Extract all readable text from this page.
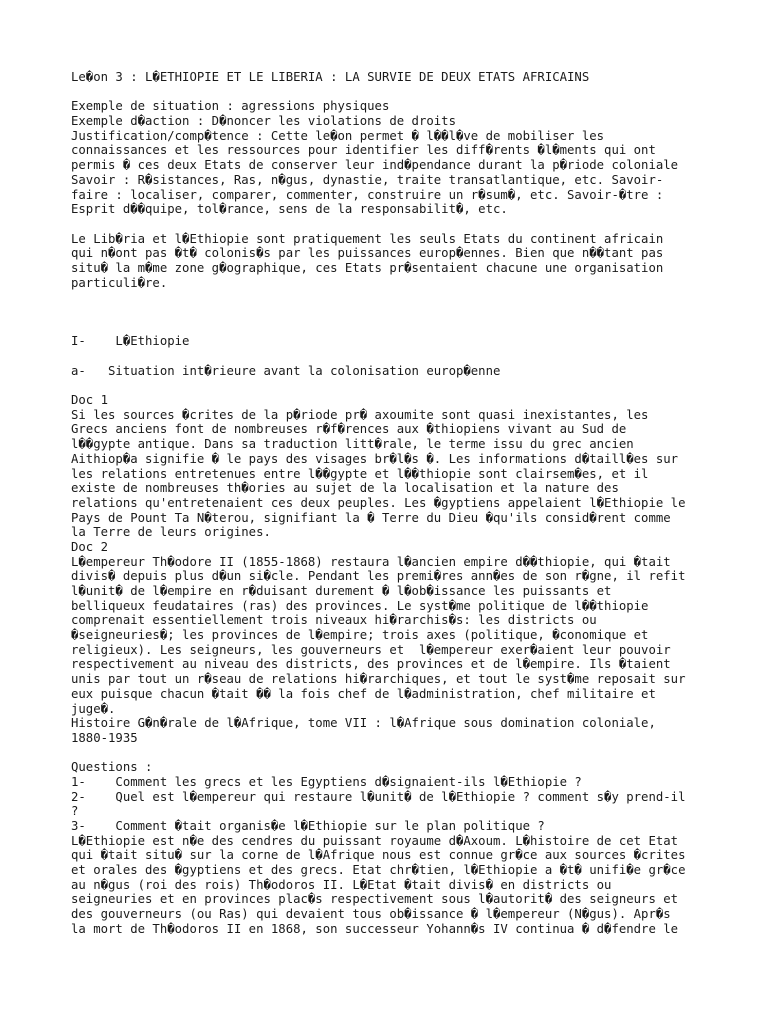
Le�on 3 : L�ETHIOPIE ET LE LIBERIA : LA SURVIE DE DEUX ETATS AFRICAINS
Exemple de situation : agressions physiques
Exemple d�action : D�noncer les violations de droits
Justification/comp�tence : Cette le�on permet � l��l�ve de mobiliser les
connaissances et les ressources pour identifier les diff�rents �l�ments qui ont
permis � ces deux Etats de conserver leur ind�pendance durant la p�riode coloniale
Savoir : R�sistances, Ras, n�gus, dynastie, traite transatlantique, etc. Savoir-
faire : localiser, comparer, commenter, construire un r�sum�, etc. Savoir-�tre :
Esprit d��quipe, tol�rance, sens de la responsabilit�, etc.
Le Lib�ria et l�Ethiopie sont pratiquement les seuls Etats du continent africain
qui n�ont pas �t� colonis�s par les puissances europ�ennes. Bien que n��tant pas
situ� la m�me zone g�ographique, ces Etats pr�sentaient chacune une organisation
particuli�re.
I-    L�Ethiopie
a-   Situation int�rieure avant la colonisation europ�enne
Doc 1
Si les sources �crites de la p�riode pr� axoumite sont quasi inexistantes, les
Grecs anciens font de nombreuses r�f�rences aux �thiopiens vivant au Sud de
l��gypte antique. Dans sa traduction litt�rale, le terme issu du grec ancien
Aithiop�a signifie � le pays des visages br�l�s �. Les informations d�taill�es sur
les relations entretenues entre l��gypte et l��thiopie sont clairsem�es, et il
existe de nombreuses th�ories au sujet de la localisation et la nature des
relations qu'entretenaient ces deux peuples. Les �gyptiens appelaient l�Ethiopie le
Pays de Pount Ta N�terou, signifiant la � Terre du Dieu �qu'ils consid�rent comme
la Terre de leurs origines.
Doc 2
L�empereur Th�odore II (1855-1868) restaura l�ancien empire d��thiopie, qui �tait
divis� depuis plus d�un si�cle. Pendant les premi�res ann�es de son r�gne, il refit
l�unit� de l�empire en r�duisant durement � l�ob�issance les puissants et
belliqueux feudataires (ras) des provinces. Le syst�me politique de l��thiopie
comprenait essentiellement trois niveaux hi�rarchis�s: les districts ou
�seigneuries�; les provinces de l�empire; trois axes (politique, �conomique et
religieux). Les seigneurs, les gouverneurs et  l�empereur exer�aient leur pouvoir
respectivement au niveau des districts, des provinces et de l�empire. Ils �taient
unis par tout un r�seau de relations hi�rarchiques, et tout le syst�me reposait sur
eux puisque chacun �tait �� la fois chef de l�administration, chef militaire et
juge�.
Histoire G�n�rale de l�Afrique, tome VII : l�Afrique sous domination coloniale,
1880-1935
Questions :
1-    Comment les grecs et les Egyptiens d�signaient-ils l�Ethiopie ?
2-    Quel est l�empereur qui restaure l�unit� de l�Ethiopie ? comment s�y prend-il
?
3-    Comment �tait organis�e l�Ethiopie sur le plan politique ?
L�Ethiopie est n�e des cendres du puissant royaume d�Axoum. L�histoire de cet Etat
qui �tait situ� sur la corne de l�Afrique nous est connue gr�ce aux sources �crites
et orales des �gyptiens et des grecs. Etat chr�tien, l�Ethiopie a �t� unifi�e gr�ce
au n�gus (roi des rois) Th�odoros II. L�Etat �tait divis� en districts ou
seigneuries et en provinces plac�s respectivement sous l�autorit� des seigneurs et
des gouverneurs (ou Ras) qui devaient tous ob�issance � l�empereur (N�gus). Apr�s
la mort de Th�odoros II en 1868, son successeur Yohann�s IV continua � d�fendre le
